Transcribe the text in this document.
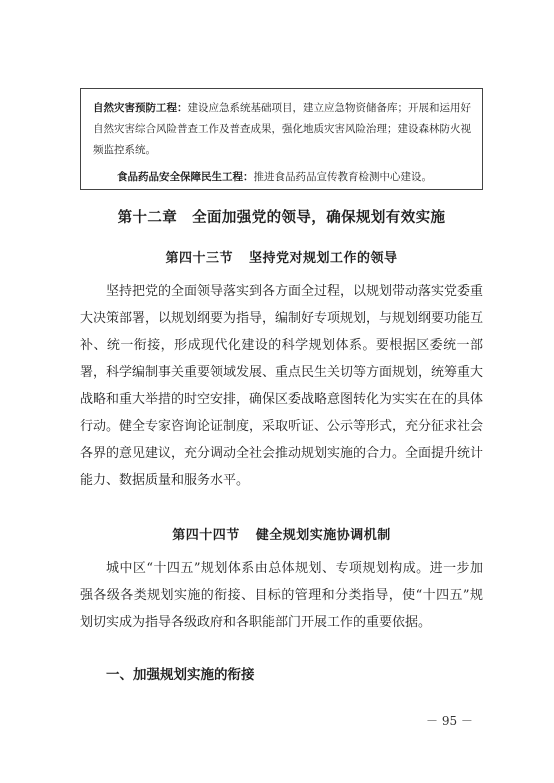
自然灾害预防工程：建设应急系统基础项目，建立应急物资储备库；开展和运用好自然灾害综合风险普查工作及普查成果，强化地质灾害风险治理；建设森林防火视频监控系统。

食品药品安全保障民生工程：推进食品药品宣传教育检测中心建设。

第十二章　全面加强党的领导，确保规划有效实施
第四十三节 坚持党对规划工作的领导

坚持把党的全面领导落实到各方面全过程，以规划带动落实党委重大决策部署，以规划纲要为指导，编制好专项规划，与规划纲要功能互补、统一衔接，形成现代化建设的科学规划体系。要根据区委统一部署，科学编制事关重要领域发展、重点民生关切等方面规划，统筹重大战略和重大举措的时空安排，确保区委战略意图转化为实实在在的具体行动。健全专家咨询论证制度，采取听证、公示等形式，充分征求社会各界的意见建议，充分调动全社会推动规划实施的合力。全面提升统计能力、数据质量和服务水平。

第四十四节 健全规划实施协调机制

城中区“十四五”规划体系由总体规划、专项规划构成。进一步加强各级各类规划实施的衔接、目标的管理和分类指导，使“十四五”规划切实成为指导各级政府和各职能部门开展工作的重要依据。

一、加强规划实施的衔接
－ 95 －
